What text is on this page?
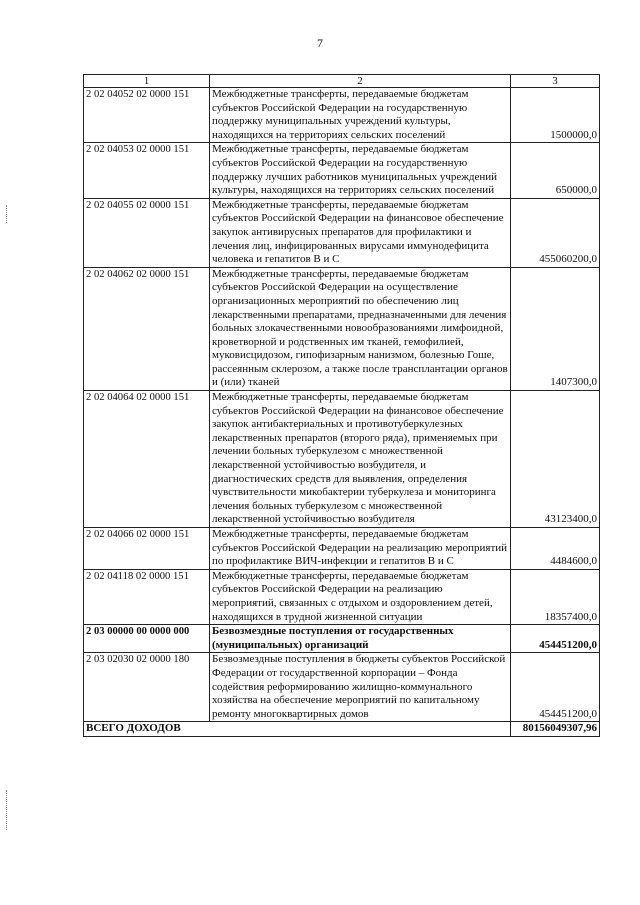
7
1	2	3
2 02 04052 02 0000 151	Межбюджетные трансферты, передаваемые бюджетам субъектов Российской Федерации на государственную поддержку муниципальных учреждений культуры, находящихся на территориях сельских поселений	1500000,0
2 02 04053 02 0000 151	Межбюджетные трансферты, передаваемые бюджетам субъектов Российской Федерации на государственную поддержку лучших работников муниципальных учреждений культуры, находящихся на территориях сельских поселений	650000,0
2 02 04055 02 0000 151	Межбюджетные трансферты, передаваемые бюджетам субъектов Российской Федерации на финансовое обеспечение закупок антивирусных препаратов для профилактики и лечения лиц, инфицированных вирусами иммунодефицита человека и гепатитов В и С	455060200,0
2 02 04062 02 0000 151	Межбюджетные трансферты, передаваемые бюджетам субъектов Российской Федерации на осуществление организационных мероприятий по обеспечению лиц лекарственными препаратами, предназначенными для лечения больных злокачественными новообразованиями лимфоидной, кроветворной и родственных им тканей, гемофилией, муковисцидозом, гипофизарным нанизмом, болезнью Гоше, рассеянным склерозом, а также после трансплантации органов и (или) тканей	1407300,0
2 02 04064 02 0000 151	Межбюджетные трансферты, передаваемые бюджетам субъектов Российской Федерации на финансовое обеспечение закупок антибактериальных и противотуберкулезных лекарственных препаратов (второго ряда), применяемых при лечении больных туберкулезом с множественной лекарственной устойчивостью возбудителя, и диагностических средств для выявления, определения чувствительности микобактерии туберкулеза и мониторинга лечения больных туберкулезом с множественной лекарственной устойчивостью возбудителя	43123400,0
2 02 04066 02 0000 151	Межбюджетные трансферты, передаваемые бюджетам субъектов Российской Федерации на реализацию мероприятий по профилактике ВИЧ-инфекции и гепатитов В и С	4484600,0
2 02 04118 02 0000 151	Межбюджетные трансферты, передаваемые бюджетам субъектов Российской Федерации на реализацию мероприятий, связанных с отдыхом и оздоровлением детей, находящихся в трудной жизненной ситуации	18357400,0
2 03 00000 00 0000 000	Безвозмездные поступления от государственных (муниципальных) организаций	454451200,0
2 03 02030 02 0000 180	Безвозмездные поступления в бюджеты субъектов Российской Федерации от государственной корпорации – Фонда содействия реформированию жилищно-коммунального хозяйства на обеспечение мероприятий по капитальному ремонту многоквартирных домов	454451200,0
ВСЕГО ДОХОДОВ		80156049307,96
